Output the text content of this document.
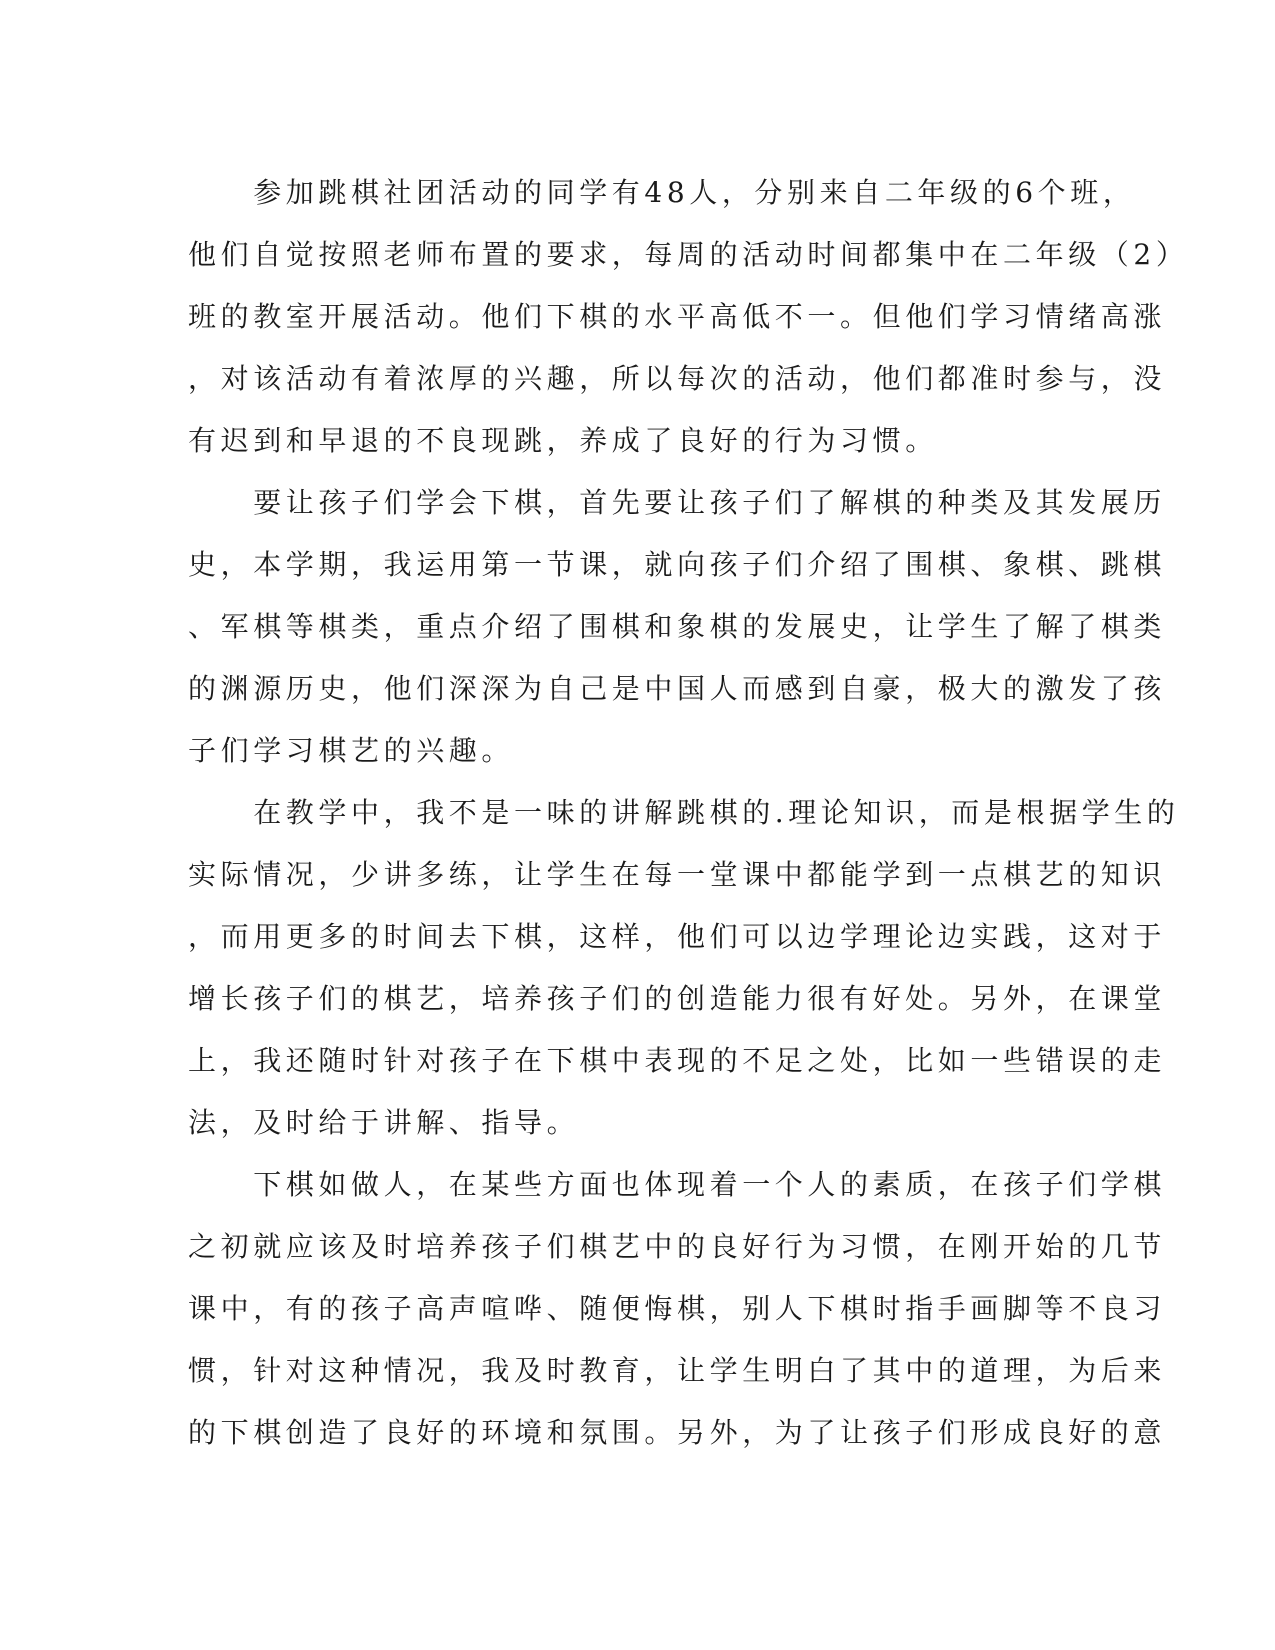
　　参加跳棋社团活动的同学有48人，分别来自二年级的6个班，
他们自觉按照老师布置的要求，每周的活动时间都集中在二年级（2）
班的教室开展活动。他们下棋的水平高低不一。但他们学习情绪高涨
，对该活动有着浓厚的兴趣，所以每次的活动，他们都准时参与，没
有迟到和早退的不良现跳，养成了良好的行为习惯。
　　要让孩子们学会下棋，首先要让孩子们了解棋的种类及其发展历
史，本学期，我运用第一节课，就向孩子们介绍了围棋、象棋、跳棋
、军棋等棋类，重点介绍了围棋和象棋的发展史，让学生了解了棋类
的渊源历史，他们深深为自己是中国人而感到自豪，极大的激发了孩
子们学习棋艺的兴趣。
　　在教学中，我不是一味的讲解跳棋的.理论知识，而是根据学生的
实际情况，少讲多练，让学生在每一堂课中都能学到一点棋艺的知识
，而用更多的时间去下棋，这样，他们可以边学理论边实践，这对于
增长孩子们的棋艺，培养孩子们的创造能力很有好处。另外，在课堂
上，我还随时针对孩子在下棋中表现的不足之处，比如一些错误的走
法，及时给于讲解、指导。
　　下棋如做人，在某些方面也体现着一个人的素质，在孩子们学棋
之初就应该及时培养孩子们棋艺中的良好行为习惯，在刚开始的几节
课中，有的孩子高声喧哗、随便悔棋，别人下棋时指手画脚等不良习
惯，针对这种情况，我及时教育，让学生明白了其中的道理，为后来
的下棋创造了良好的环境和氛围。另外，为了让孩子们形成良好的意
